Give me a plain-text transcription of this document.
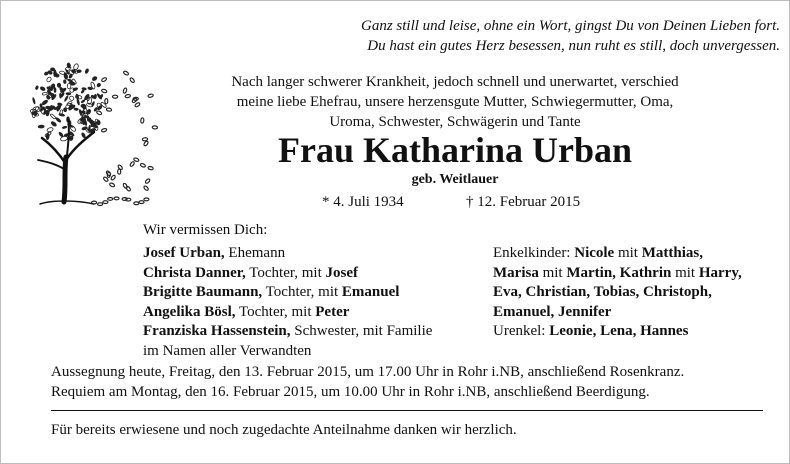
Ganz still und leise, ohne ein Wort, gingst Du von Deinen Lieben fort.
Du hast ein gutes Herz besessen, nun ruht es still, doch unvergessen.
Nach langer schwerer Krankheit, jedoch schnell und unerwartet, verschied
meine liebe Ehefrau, unsere herzensgute Mutter, Schwiegermutter, Oma,
Uroma, Schwester, Schwägerin und Tante
Frau Katharina Urban
geb. Weitlauer
* 4. Juli 1934	† 12. Februar 2015
Wir vermissen Dich:
Josef Urban, Ehemann
Christa Danner, Tochter, mit Josef
Brigitte Baumann, Tochter, mit Emanuel
Angelika Bösl, Tochter, mit Peter
Franziska Hassenstein, Schwester, mit Familie
im Namen aller Verwandten
Enkelkinder: Nicole mit Matthias,
Marisa mit Martin, Kathrin mit Harry,
Eva, Christian, Tobias, Christoph,
Emanuel, Jennifer
Urenkel: Leonie, Lena, Hannes
Aussegnung heute, Freitag, den 13. Februar 2015, um 17.00 Uhr in Rohr i.NB, anschließend Rosenkranz.
Requiem am Montag, den 16. Februar 2015, um 10.00 Uhr in Rohr i.NB, anschließend Beerdigung.
Für bereits erwiesene und noch zugedachte Anteilnahme danken wir herzlich.
